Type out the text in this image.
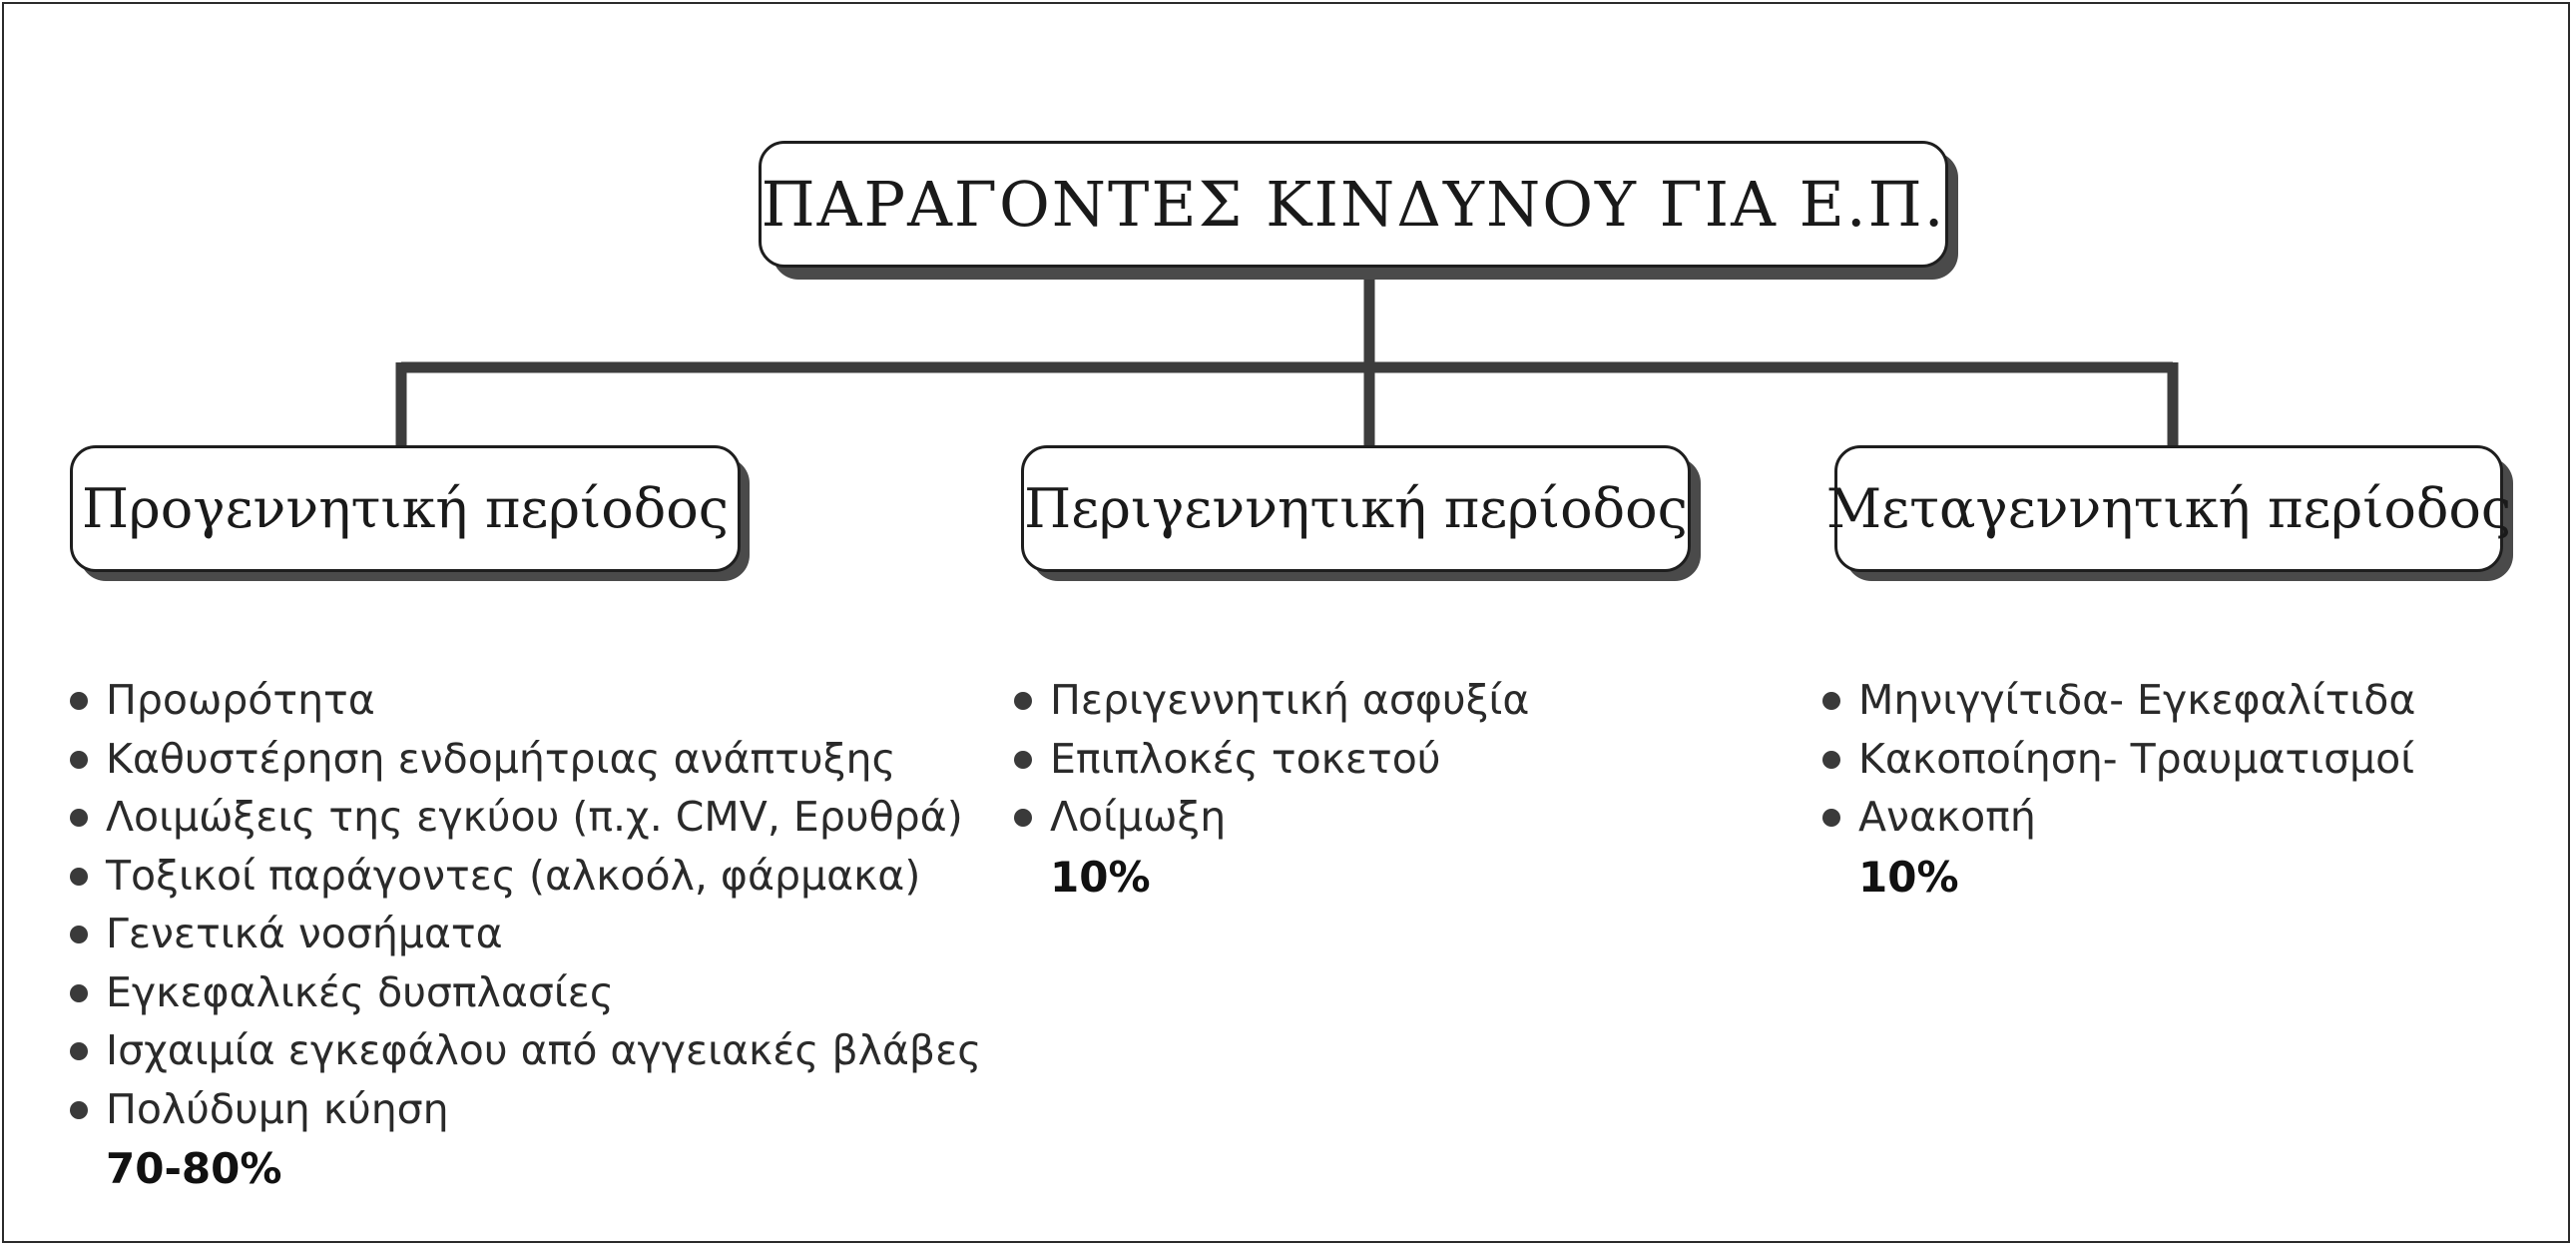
ΠΑΡΑΓΟΝΤΕΣ ΚΙΝΔΥΝΟΥ ΓΙΑ Ε.Π.
Προγεννητική περίοδος	Περιγεννητική περίοδος	Μεταγεννητική περίοδος
Προωρότητα
Καθυστέρηση ενδομήτριας ανάπτυξης
Λοιμώξεις της εγκύου (π.χ. CMV, Ερυθρά)
Τοξικοί παράγοντες (αλκοόλ, φάρμακα)
Γενετικά νοσήματα
Εγκεφαλικές δυσπλασίες
Ισχαιμία εγκεφάλου από αγγειακές βλάβες
Πολύδυμη κύηση
70-80%
Περιγεννητική ασφυξία
Επιπλοκές τοκετού
Λοίμωξη
10%
Μηνιγγίτιδα- Εγκεφαλίτιδα
Κακοποίηση- Τραυματισμοί
Ανακοπή
10%
